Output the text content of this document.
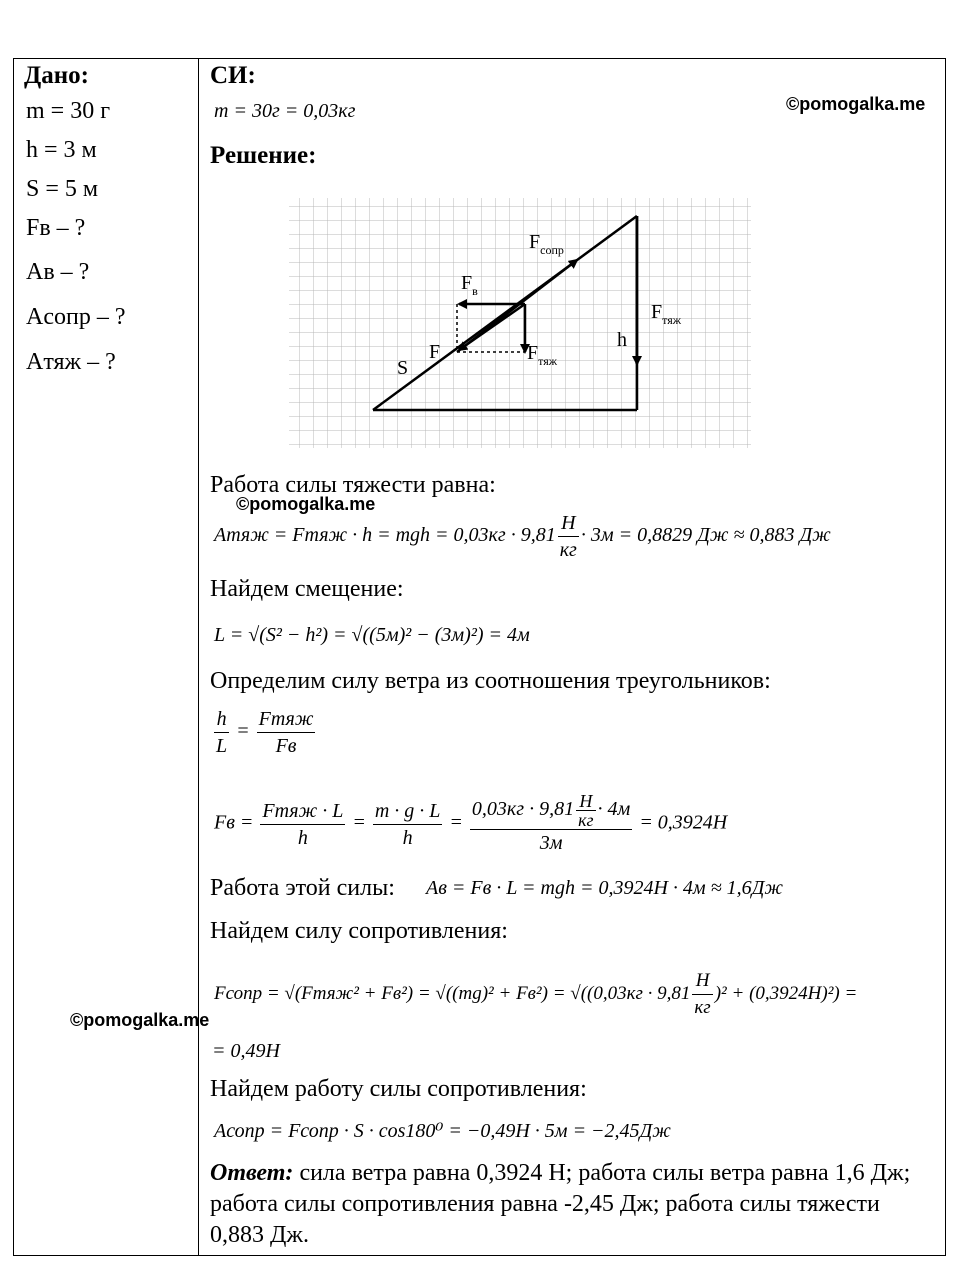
Дано:
m = 30 г
h = 3 м
S = 5 м
Fв – ?
Aв – ?
Aсопр – ?
Aтяж – ?
СИ:
m = 30г = 0,03кг	©pomogalka.me
Решение:
$F_{сопр}$
$F_в$
$F_{тяж}$
$F_{тяж}$
h
F
S
Работа силы тяжести равна:
©pomogalka.me
Aтяж = Fтяж · h = mgh = $0,03кг \cdot 9,81 \frac{Н}{кг} \cdot 3м = 0,8829$ Дж ≈ 0,883 Дж
Найдем смещение:
L = √(S² − h²) = √((5м)² − (3м)²) = 4м
Определим силу ветра из соотношения треугольников:
$\frac{h}{L} = \frac{\text{Fтяж}}{Fв}$
Fв = $\frac{\text{Fтяж · L}}{h} = \frac{m \cdot g \cdot L}{h} = \frac{0,03кг \cdot 9,81 \frac{Н}{кг} \cdot 4м}{3м} = 0,3924Н$
Работа этой силы: Aв = Fв · L = mgh = 0,3924Н · 4м ≈ 1,6Дж
Найдем силу сопротивления:
Fсопр = √(Fтяж² + $Fв^2) = √((mg)^2 + Fв^2) = √((0,03кг \cdot 9,81 \frac{Н}{кг} )^2 + (0,3924Н)^2)$ =
©pomogalka.me
= 0,49Н
Найдем работу силы сопротивления:
Aсопр = Fсопр · S · cos180⁰ = −0,49Н · 5м = −2,45Дж
Ответ: сила ветра равна 0,3924 Н; работа силы ветра равна 1,6 Дж; работа силы сопротивления равна -2,45 Дж; работа силы тяжести 0,883 Дж.
